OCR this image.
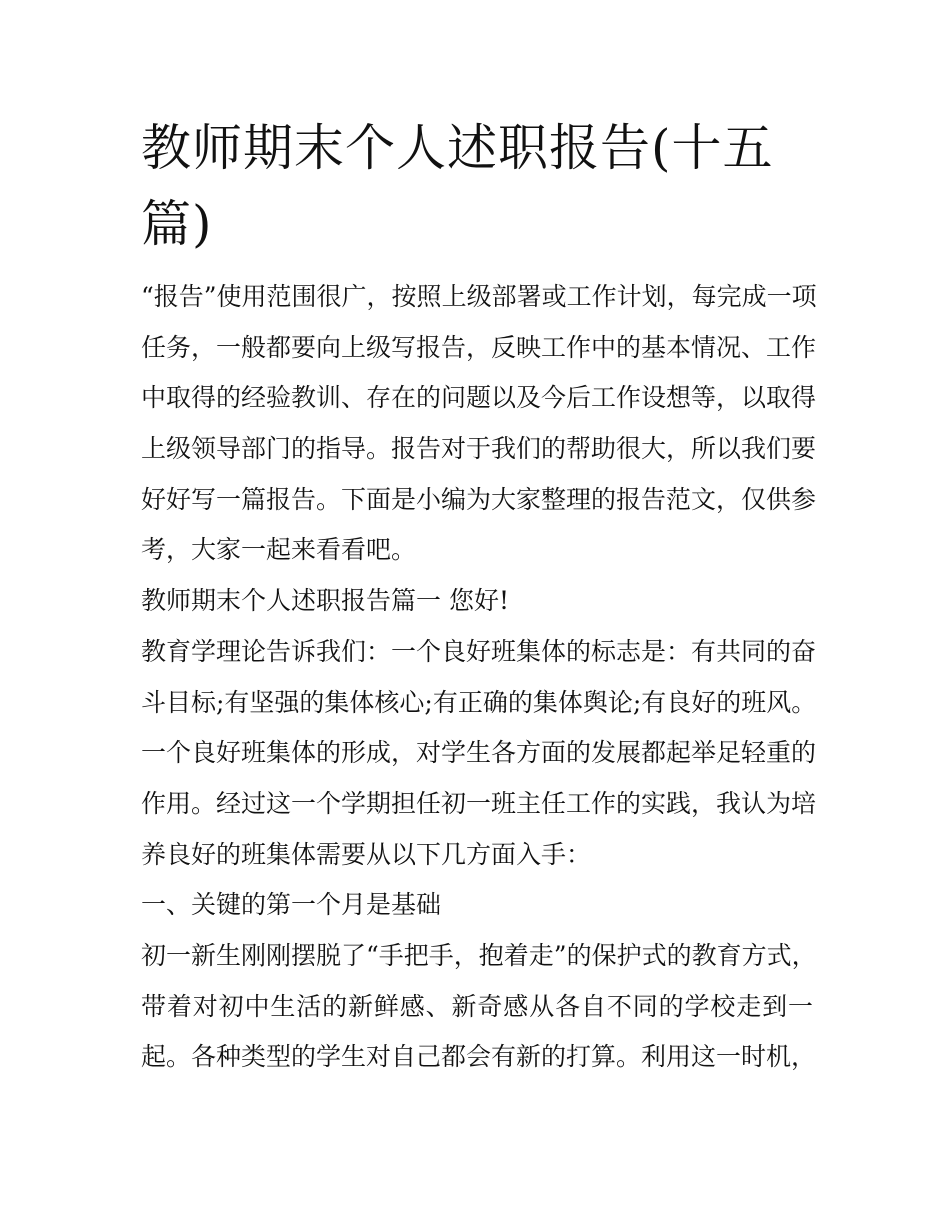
教师期末个人述职报告(十五
篇)

“报告”使用范围很广，按照上级部署或工作计划，每完成一项
任务，一般都要向上级写报告，反映工作中的基本情况、工作
中取得的经验教训、存在的问题以及今后工作设想等，以取得
上级领导部门的指导。报告对于我们的帮助很大，所以我们要
好好写一篇报告。下面是小编为大家整理的报告范文，仅供参
考，大家一起来看看吧。

教师期末个人述职报告篇一 您好!

教育学理论告诉我们：一个良好班集体的标志是：有共同的奋
斗目标;有坚强的集体核心;有正确的集体舆论;有良好的班风。
一个良好班集体的形成，对学生各方面的发展都起举足轻重的
作用。经过这一个学期担任初一班主任工作的实践，我认为培
养良好的班集体需要从以下几方面入手：

一、关键的第一个月是基础

初一新生刚刚摆脱了“手把手，抱着走”的保护式的教育方式，
带着对初中生活的新鲜感、新奇感从各自不同的学校走到一
起。各种类型的学生对自己都会有新的打算。利用这一时机，
